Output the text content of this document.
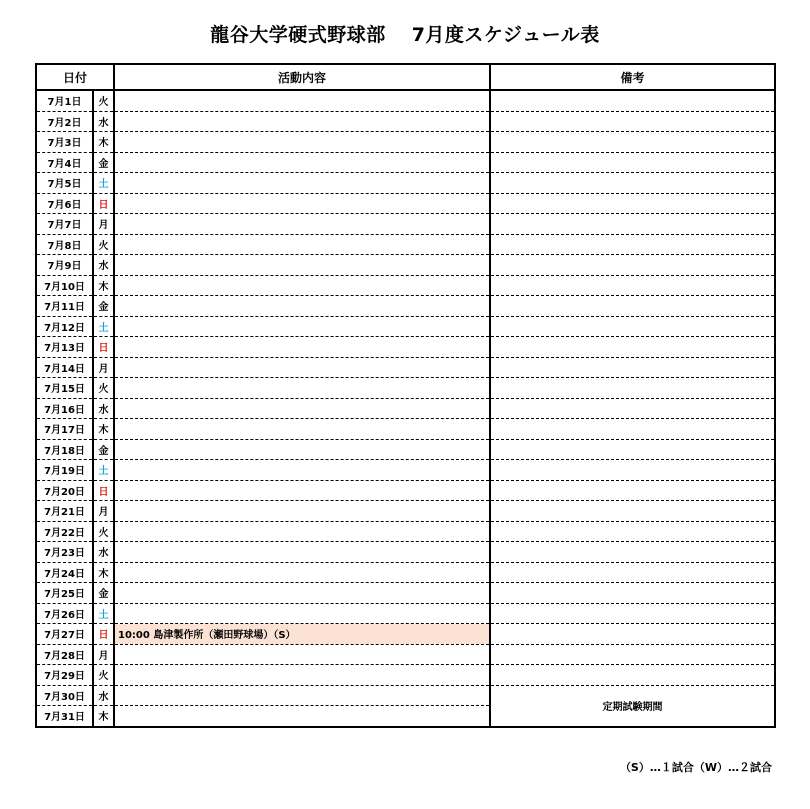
龍谷大学硬式野球部 7月度スケジュール表
日付		活動内容	備考
7月1日	火		
7月2日	水		
7月3日	木		
7月4日	金		
7月5日	土		
7月6日	日		
7月7日	月		
7月8日	火		
7月9日	水		
7月10日	木		
7月11日	金		
7月12日	土		
7月13日	日		
7月14日	月		
7月15日	火		
7月16日	水		
7月17日	木		
7月18日	金		
7月19日	土		
7月20日	日		
7月21日	月		
7月22日	火		
7月23日	水		
7月24日	木		
7月25日	金		
7月26日	土		
7月27日	日	10:00 島津製作所（瀬田野球場）（S）	
7月28日	月		
7月29日	火		
7月30日	水		定期試験期間
7月31日	木		
（S）…１試合（W）…２試合
